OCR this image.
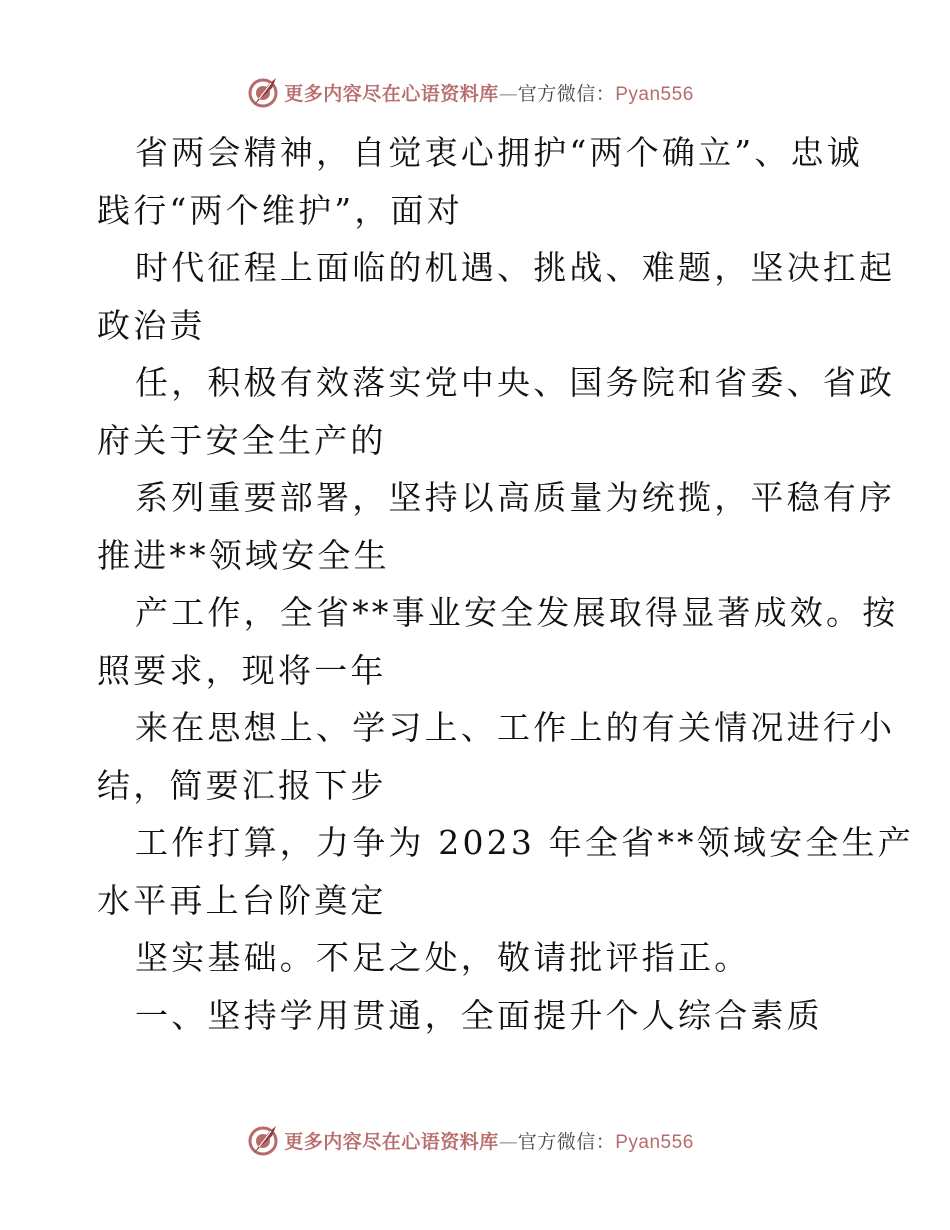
更多内容尽在心语资料库—官方微信：Pyan556
省两会精神，自觉衷心拥护“两个确立”、忠诚
践行“两个维护”，面对
时代征程上面临的机遇、挑战、难题，坚决扛起
政治责
任，积极有效落实党中央、国务院和省委、省政
府关于安全生产的
系列重要部署，坚持以高质量为统揽，平稳有序
推进**领域安全生
产工作，全省**事业安全发展取得显著成效。按
照要求，现将一年
来在思想上、学习上、工作上的有关情况进行小
结，简要汇报下步
工作打算，力争为 2023 年全省**领域安全生产
水平再上台阶奠定
坚实基础。不足之处，敬请批评指正。
一、坚持学用贯通，全面提升个人综合素质
更多内容尽在心语资料库—官方微信：Pyan556
